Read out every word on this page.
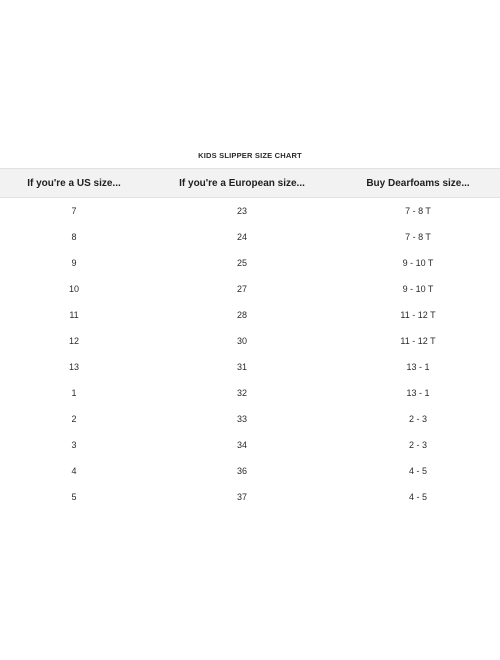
KIDS SLIPPER SIZE CHART
If you're a US size...	If you're a European size...	Buy Dearfoams size...
7	23	7 - 8 T
8	24	7 - 8 T
9	25	9 - 10 T
10	27	9 - 10 T
11	28	11 - 12 T
12	30	11 - 12 T
13	31	13 - 1
1	32	13 - 1
2	33	2 - 3
3	34	2 - 3
4	36	4 - 5
5	37	4 - 5
